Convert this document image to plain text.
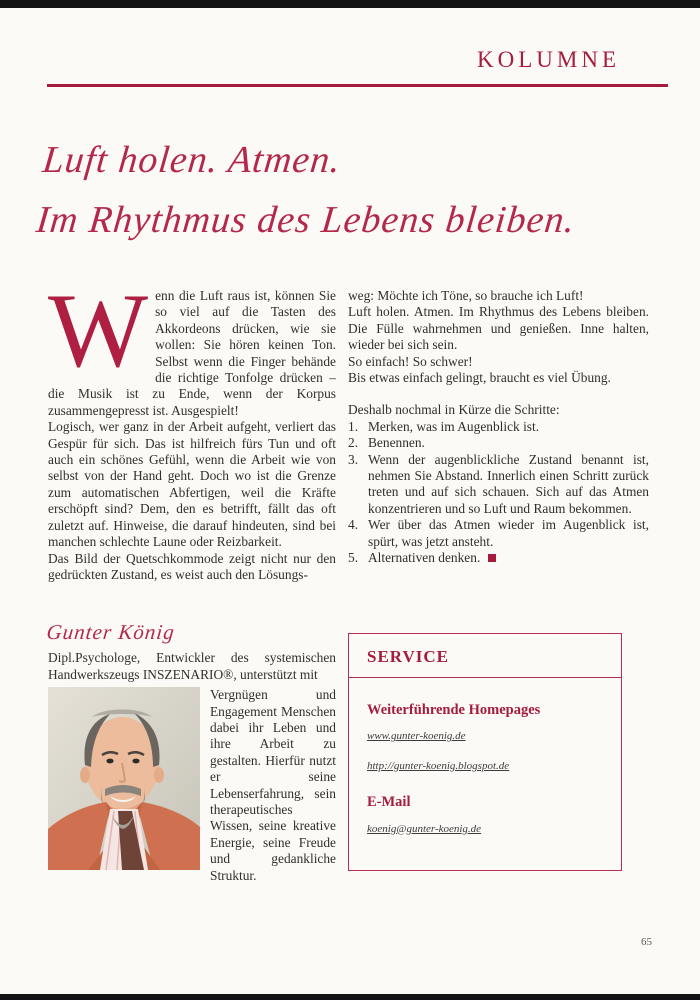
KOLUMNE
Luft holen. Atmen.
Im Rhythmus des Lebens bleiben.

Wenn die Luft raus ist, können Sie so viel auf die Tasten des Akkordeons drücken, wie sie wollen: Sie hören keinen Ton. Selbst wenn die Finger behände die richtige Tonfolge drücken – die Musik ist zu Ende, wenn der Korpus zusammengepresst ist. Ausgespielt!

Logisch, wer ganz in der Arbeit aufgeht, verliert das Gespür für sich. Das ist hilfreich fürs Tun und oft auch ein schönes Gefühl, wenn die Arbeit wie von selbst von der Hand geht. Doch wo ist die Grenze zum automatischen Abfertigen, weil die Kräfte erschöpft sind? Dem, den es betrifft, fällt das oft zuletzt auf. Hinweise, die darauf hindeuten, sind bei manchen schlechte Laune oder Reizbarkeit.

Das Bild der Quetschkommode zeigt nicht nur den gedrückten Zustand, es weist auch den Lösungs-

Gunter König

Dipl.Psychologe, Entwickler des systemischen Handwerkszeugs INSZENARIO®, unterstützt mit

Vergnügen und Engagement Menschen dabei ihr Leben und ihre Arbeit zu gestalten. Hierfür nutzt er seine Lebenserfahrung, sein therapeutisches Wissen, seine kreative Energie, seine Freude und gedankliche Struktur.

weg: Möchte ich Töne, so brauche ich Luft!

Luft holen. Atmen. Im Rhythmus des Lebens bleiben. Die Fülle wahrnehmen und genießen. Inne halten, wieder bei sich sein.

So einfach! So schwer!

Bis etwas einfach gelingt, braucht es viel Übung.

Deshalb nochmal in Kürze die Schritte:

1. Merken, was im Augenblick ist.
2. Benennen.
3. Wenn der augenblickliche Zustand benannt ist, nehmen Sie Abstand. Innerlich einen Schritt zurück treten und auf sich schauen. Sich auf das Atmen konzentrieren und so Luft und Raum bekommen.
4. Wer über das Atmen wieder im Augenblick ist, spürt, was jetzt ansteht.
5. Alternativen denken.
SERVICE
Weiterführende Homepages
www.gunter-koenig.de
http://gunter-koenig.blogspot.de
E-Mail
koenig@gunter-koenig.de
65
